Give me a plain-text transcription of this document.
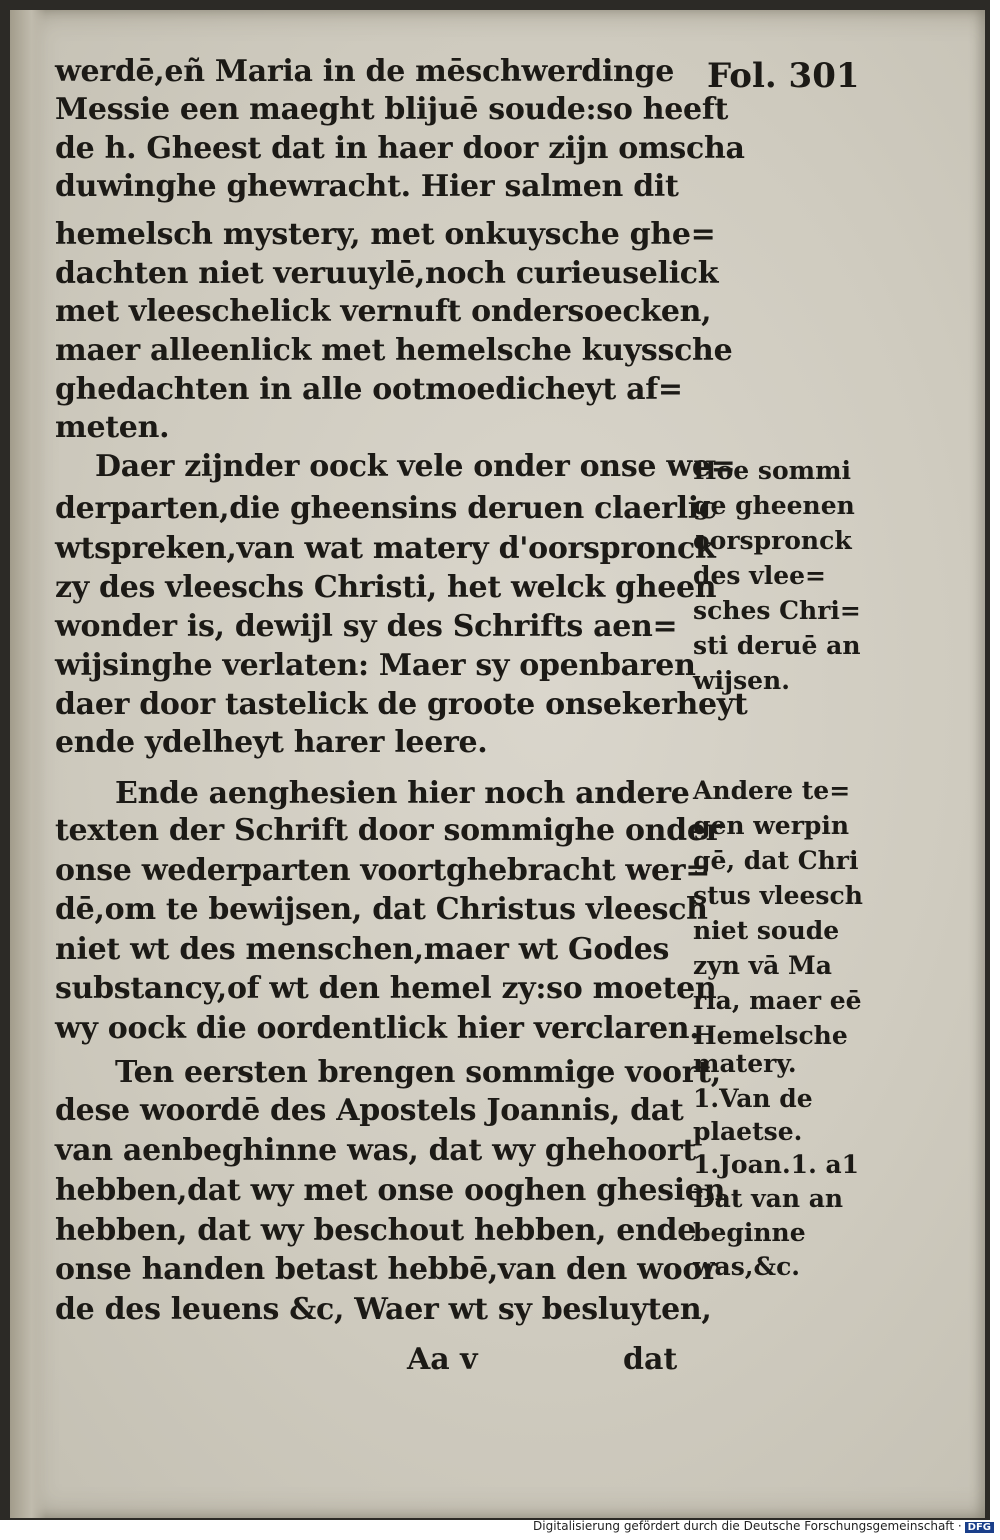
Fol. 301
werdē,eñ Maria in de mēschwerdinge
Messie een maeght blijuē soude:so heeft
de h. Gheest dat in haer door zijn omscha
duwinghe ghewracht. Hier salmen dit
hemelsch mystery, met onkuysche ghe=
dachten niet veruuylē,noch curieuselick
met vleeschelick vernuft ondersoecken,
maer alleenlick met hemelsche kuyssche
ghedachten in alle ootmoedicheyt af=
meten.
Daer zijnder oock vele onder onse we=
derparten,die gheensins deruen claerlic
wtspreken,van wat matery d'oorspronck
zy des vleeschs Christi, het welck gheen
wonder is, dewijl sy des Schrifts aen=
wijsinghe verlaten: Maer sy openbaren
daer door tastelick de groote onsekerheyt
ende ydelheyt harer leere.
Ende aenghesien hier noch andere
texten der Schrift door sommighe onder
onse wederparten voortghebracht wer=
dē,om te bewijsen, dat Christus vleesch
niet wt des menschen,maer wt Godes
substancy,of wt den hemel zy:so moeten
wy oock die oordentlick hier verclaren.
Ten eersten brengen sommige voort,
dese woordē des Apostels Joannis, dat
van aenbeghinne was, dat wy ghehoort
hebben,dat wy met onse ooghen ghesien
hebben, dat wy beschout hebben, ende
onse handen betast hebbē,van den woor
de des leuens &c, Waer wt sy besluyten,
Aa v	dat
Hoe sommi
ge gheenen
oorspronck
des vlee=
sches Chri=
sti deruē an
wijsen.
Andere te=
gen werpin
gē, dat Chri
stus vleesch
niet soude
zyn vā Ma
ria, maer eē
Hemelsche
matery.
1.Van de
plaetse.
1.Joan.1. a1
Dat van an
beginne
was,&c.
Digitalisierung gefördert durch die Deutsche Forschungsgemeinschaft · DFG
